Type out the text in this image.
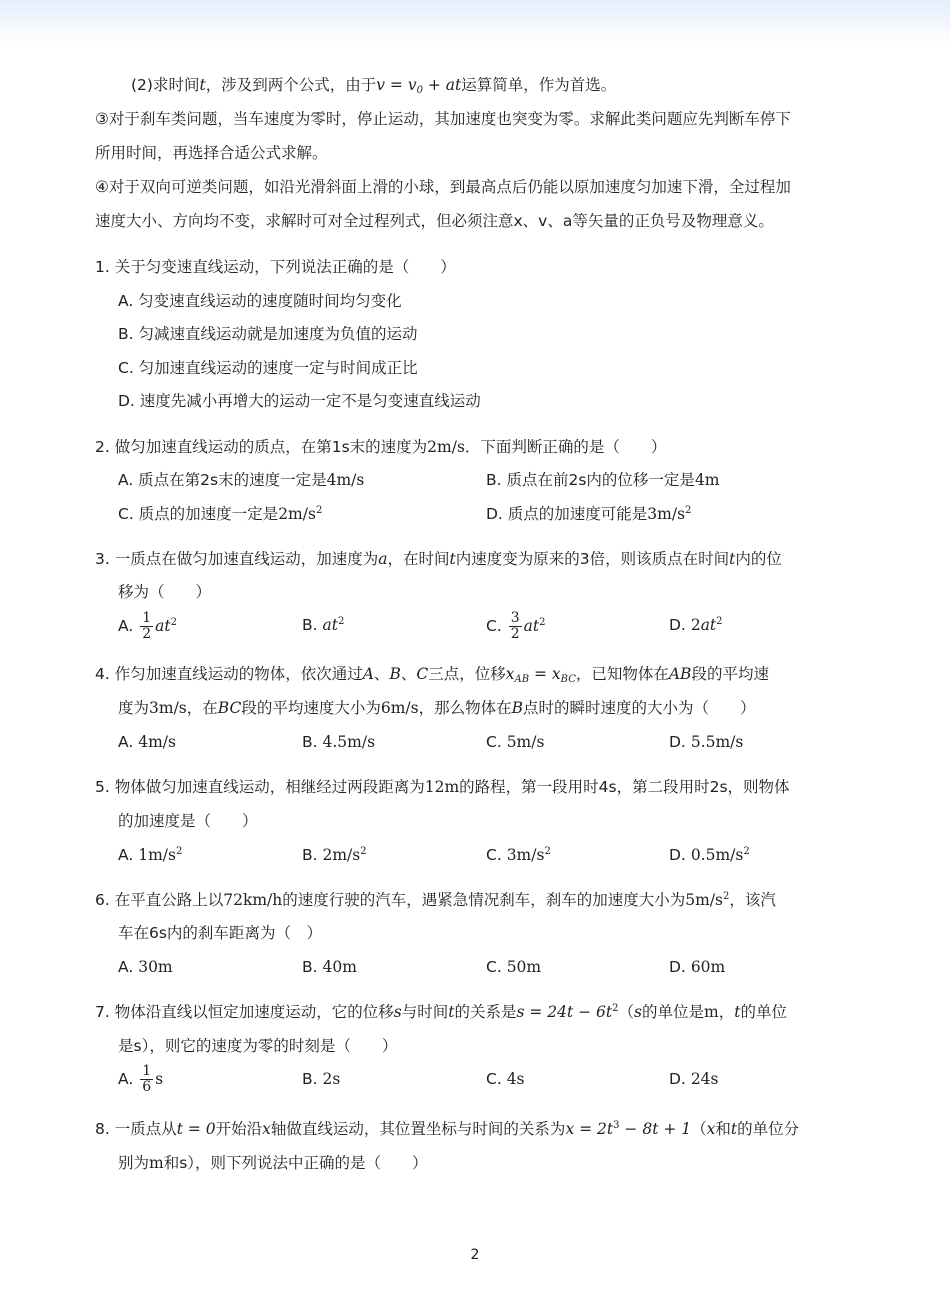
(2)求时间t，涉及到两个公式，由于$v = v_0$ + at运算简单，作为首选。
③对于刹车类问题，当车速度为零时，停止运动，其加速度也突变为零。求解此类问题应先判断车停下
所用时间，再选择合适公式求解。
④对于双向可逆类问题，如沿光滑斜面上滑的小球，到最高点后仍能以原加速度匀加速下滑，全过程加
速度大小、方向均不变，求解时可对全过程列式，但必须注意x、v、a等矢量的正负号及物理意义。
1. 关于匀变速直线运动，下列说法正确的是（　　）
A. 匀变速直线运动的速度随时间均匀变化
B. 匀减速直线运动就是加速度为负值的运动
C. 匀加速直线运动的速度一定与时间成正比
D. 速度先减小再增大的运动一定不是匀变速直线运动
2. 做匀加速直线运动的质点，在第1s末的速度为2m/s．下面判断正确的是（　　）
A. 质点在第2s末的速度一定是4m/s	B. 质点在前2s内的位移一定是4m
C. 质点的加速度一定是$2m/s^2$	D. 质点的加速度可能是$3m/s^2$
3. 一质点在做匀加速直线运动，加速度为a，在时间t内速度变为原来的3倍，则该质点在时间t内的位
移为（　　）
A. $\frac{1}{2} at^2$	B. $at^2$	C. $\frac{3}{2} at^2$	D. $2at^2$
4. 作匀加速直线运动的物体，依次通过A、B、C三点，位移$x_{AB} = x_{BC}$，已知物体在AB段的平均速
度为3m/s，在BC段的平均速度大小为6m/s，那么物体在B点时的瞬时速度的大小为（　　）
A. 4m/s	B. 4.5m/s	C. 5m/s	D. 5.5m/s
5. 物体做匀加速直线运动，相继经过两段距离为12m的路程，第一段用时4s，第二段用时2s，则物体
的加速度是（　　）
A. $1m/s^2$	B. $2m/s^2$	C. $3m/s^2$	D. $0.5m/s^2$
6. 在平直公路上以72km/h的速度行驶的汽车，遇紧急情况刹车，刹车的加速度大小为$5m/s^2$，该汽
车在6s内的刹车距离为（　）
A. 30m	B. 40m	C. 50m	D. 60m
7. 物体沿直线以恒定加速度运动，它的位移s与时间t的关系是$s = 24t - 6t^2(s$的单位是m，t的单位
是s），则它的速度为零的时刻是（　　）
A. $\frac{1}{6}$ s	B. 2s	C. 4s	D. 24s
8. 一质点从t = 0开始沿x轴做直线运动，其位置坐标与时间的关系为$x = 2t^3 - 8t + 1(x$和t的单位分
别为m和s），则下列说法中正确的是（　　）
2
